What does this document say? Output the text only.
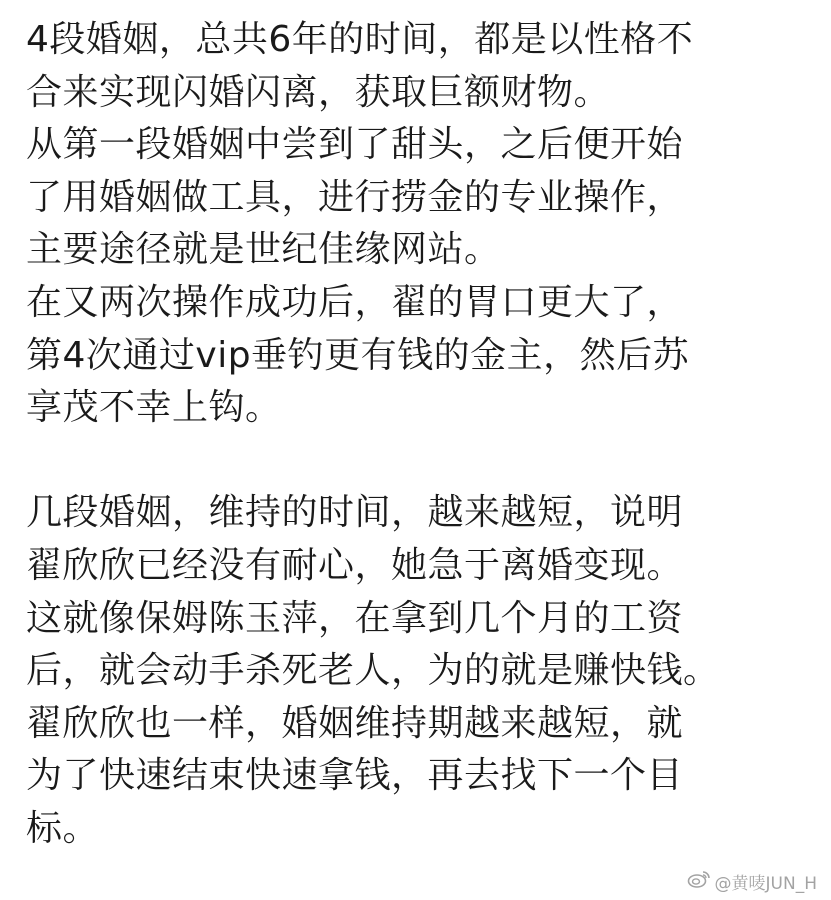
4段婚姻，总共6年的时间，都是以性格不
合来实现闪婚闪离，获取巨额财物。
从第一段婚姻中尝到了甜头，之后便开始
了用婚姻做工具，进行捞金的专业操作，
主要途径就是世纪佳缘网站。
在又两次操作成功后，翟的胃口更大了，
第4次通过vip垂钓更有钱的金主，然后苏
享茂不幸上钩。
几段婚姻，维持的时间，越来越短，说明
翟欣欣已经没有耐心，她急于离婚变现。
这就像保姆陈玉萍，在拿到几个月的工资
后，就会动手杀死老人，为的就是赚快钱。
翟欣欣也一样，婚姻维持期越来越短，就
为了快速结束快速拿钱，再去找下一个目
标。
@黄唛JUN_H
